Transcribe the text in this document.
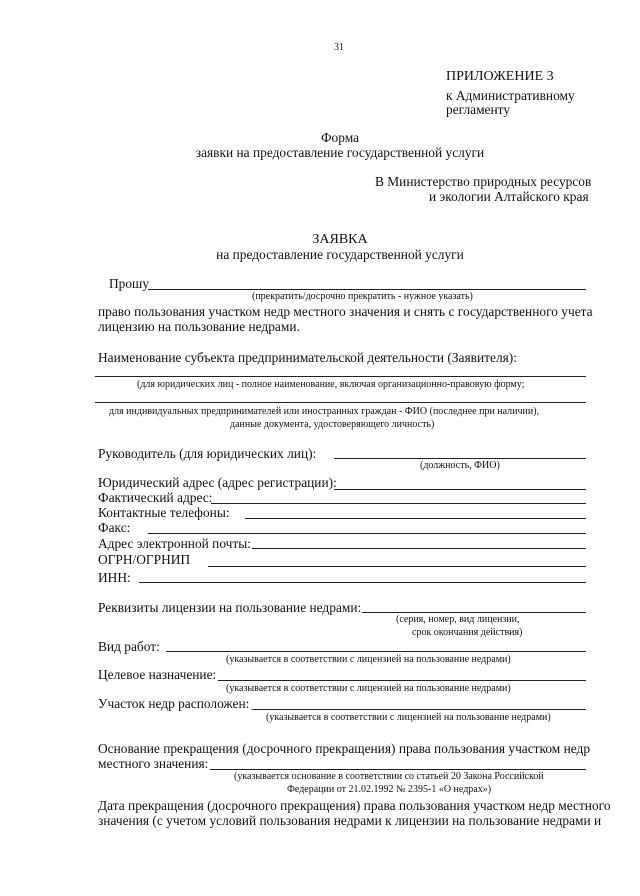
31
ПРИЛОЖЕНИЕ 3
к Административному
регламенту
Форма
заявки на предоставление государственной услуги
В Министерство природных ресурсов
и экологии Алтайского края
ЗАЯВКА
на предоставление государственной услуги
Прошу
(прекратить/досрочно прекратить - нужное указать)
право пользования участком недр местного значения и снять с государственного учета
лицензию на пользование недрами.
Наименование субъекта предпринимательской деятельности (Заявителя):
(для юридических лиц - полное наименование, включая организационно-правовую форму;
для индивидуальных предпринимателей или иностранных граждан - ФИО (последнее при наличии),
данные документа, удостоверяющего личность)
Руководитель (для юридических лиц):
(должность, ФИО)
Юридический адрес (адрес регистрации):
Фактический адрес:
Контактные телефоны:
Факс:
Адрес электронной почты:
ОГРН/ОГРНИП
ИНН:
Реквизиты лицензии на пользование недрами:
(серия, номер, вид лицензии,
срок окончания действия)
Вид работ:
(указывается в соответствии с лицензией на пользование недрами)
Целевое назначение:
(указывается в соответствии с лицензией на пользование недрами)
Участок недр расположен:
(указывается в соответствии с лицензией на пользование недрами)
Основание прекращения (досрочного прекращения) права пользования участком недр
местного значения:
(указывается основание в соответствии со статьей 20 Закона Российской
Федерации от 21.02.1992 № 2395-1 «О недрах»)
Дата прекращения (досрочного прекращения) права пользования участком недр местного
значения (с учетом условий пользования недрами к лицензии на пользование недрами и
